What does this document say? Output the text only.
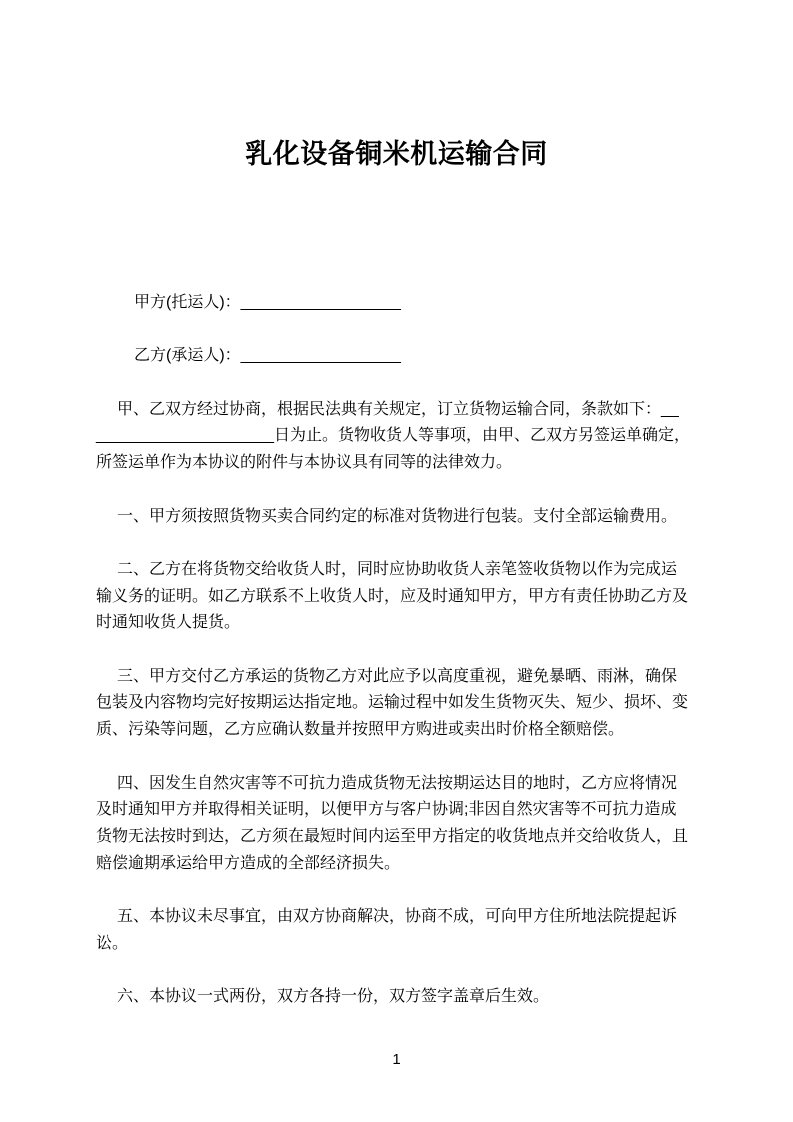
乳化设备铜米机运输合同

甲方(托运人)：__________________

乙方(承运人)：__________________

甲、乙双方经过协商，根据民法典有关规定，订立货物运输合同，条款如下：__
____________________日为止。货物收货人等事项，由甲、乙双方另签运单确定，
所签运单作为本协议的附件与本协议具有同等的法律效力。

一、甲方须按照货物买卖合同约定的标准对货物进行包装。支付全部运输费用。

二、乙方在将货物交给收货人时，同时应协助收货人亲笔签收货物以作为完成运
输义务的证明。如乙方联系不上收货人时，应及时通知甲方，甲方有责任协助乙方及
时通知收货人提货。

三、甲方交付乙方承运的货物乙方对此应予以高度重视，避免暴晒、雨淋，确保
包装及内容物均完好按期运达指定地。运输过程中如发生货物灭失、短少、损坏、变
质、污染等问题，乙方应确认数量并按照甲方购进或卖出时价格全额赔偿。

四、因发生自然灾害等不可抗力造成货物无法按期运达目的地时，乙方应将情况
及时通知甲方并取得相关证明，以便甲方与客户协调;非因自然灾害等不可抗力造成
货物无法按时到达，乙方须在最短时间内运至甲方指定的收货地点并交给收货人，且
赔偿逾期承运给甲方造成的全部经济损失。

五、本协议未尽事宜，由双方协商解决，协商不成，可向甲方住所地法院提起诉
讼。

六、本协议一式两份，双方各持一份，双方签字盖章后生效。

1
